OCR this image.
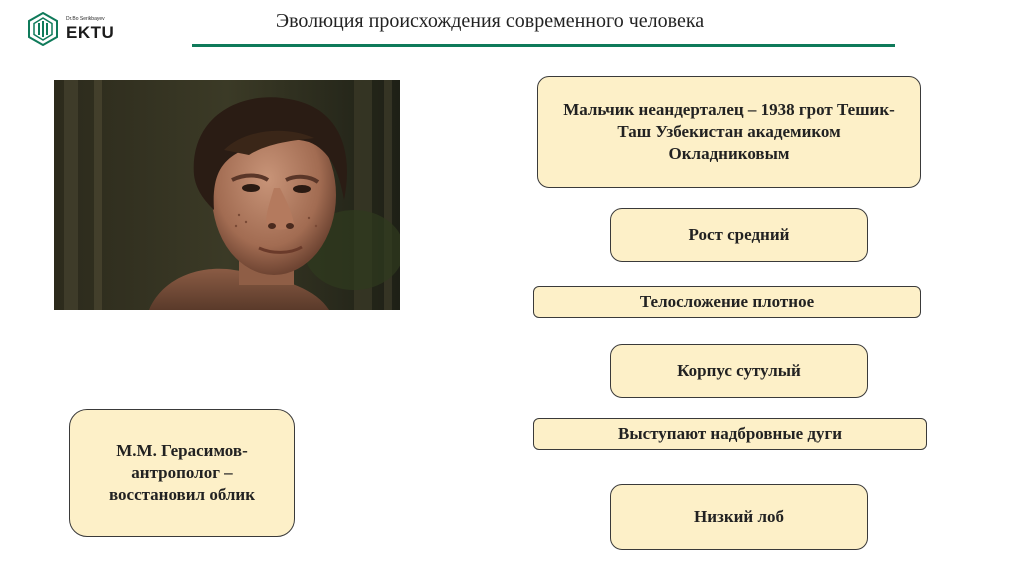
Dr.Bo Serikbayev
EKTU
Эволюция происхождения современного человека
Мальчик неандерталец – 1938 грот Тешик-Таш Узбекистан академиком Окладниковым
Рост средний
Телосложение плотное
Корпус сутулый
Выступают надбровные дуги
Низкий лоб
М.М. Герасимов-антрополог – восстановил облик
